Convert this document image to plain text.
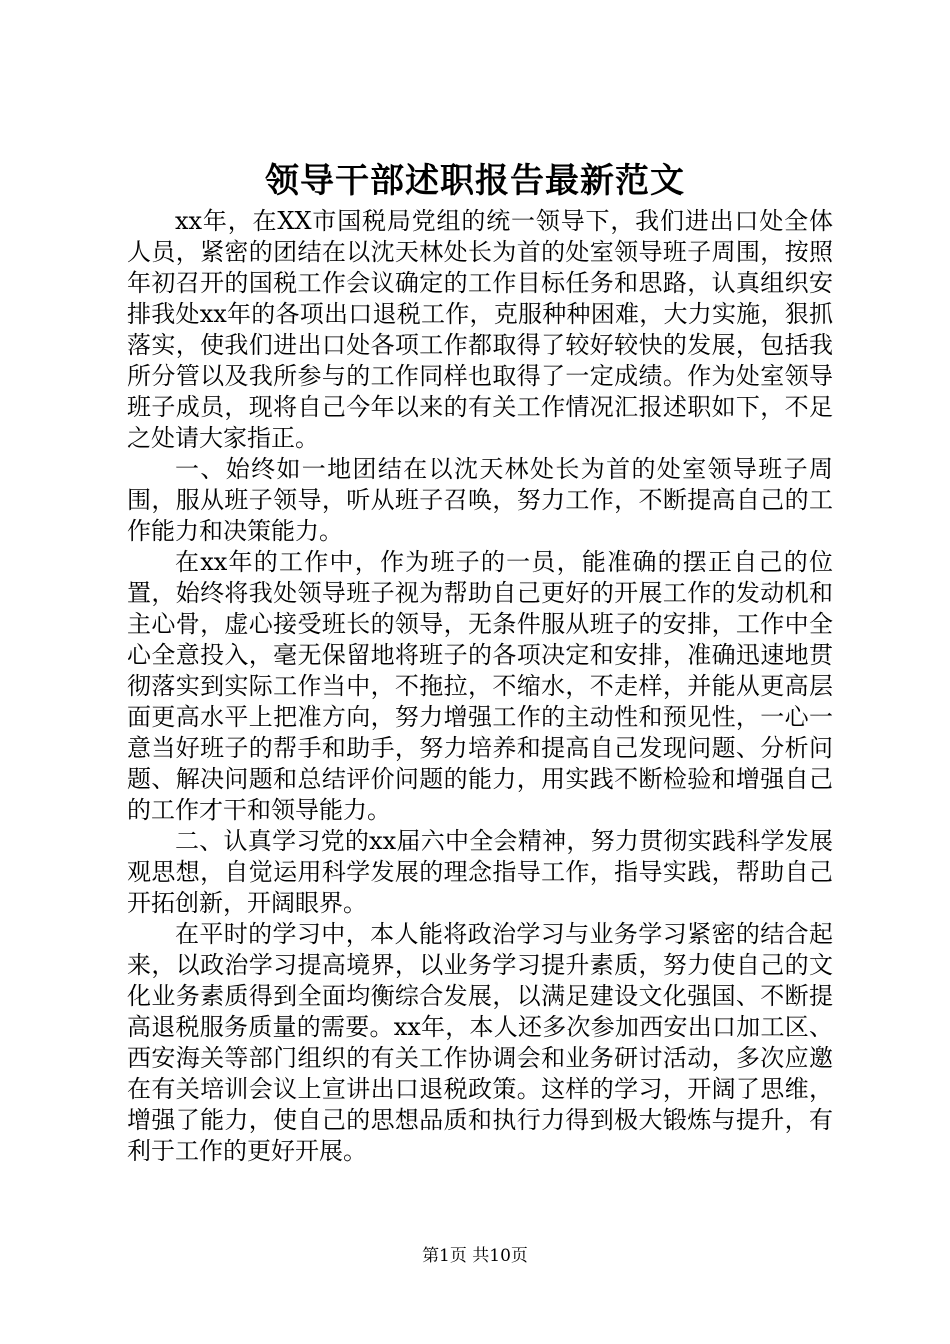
领导干部述职报告最新范文

xx年，在XX市国税局党组的统一领导下，我们进出口处全体人员，紧密的团结在以沈天林处长为首的处室领导班子周围，按照年初召开的国税工作会议确定的工作目标任务和思路，认真组织安排我处xx年的各项出口退税工作，克服种种困难，大力实施，狠抓落实，使我们进出口处各项工作都取得了较好较快的发展，包括我所分管以及我所参与的工作同样也取得了一定成绩。作为处室领导班子成员，现将自己今年以来的有关工作情况汇报述职如下，不足之处请大家指正。

一、始终如一地团结在以沈天林处长为首的处室领导班子周围，服从班子领导，听从班子召唤，努力工作，不断提高自己的工作能力和决策能力。

在xx年的工作中，作为班子的一员，能准确的摆正自己的位置，始终将我处领导班子视为帮助自己更好的开展工作的发动机和主心骨，虚心接受班长的领导，无条件服从班子的安排，工作中全心全意投入，毫无保留地将班子的各项决定和安排，准确迅速地贯彻落实到实际工作当中，不拖拉，不缩水，不走样，并能从更高层面更高水平上把准方向，努力增强工作的主动性和预见性，一心一意当好班子的帮手和助手，努力培养和提高自己发现问题、分析问题、解决问题和总结评价问题的能力，用实践不断检验和增强自己的工作才干和领导能力。

二、认真学习党的xx届六中全会精神，努力贯彻实践科学发展观思想，自觉运用科学发展的理念指导工作，指导实践，帮助自己开拓创新，开阔眼界。

在平时的学习中，本人能将政治学习与业务学习紧密的结合起来，以政治学习提高境界，以业务学习提升素质，努力使自己的文化业务素质得到全面均衡综合发展，以满足建设文化强国、不断提高退税服务质量的需要。xx年，本人还多次参加西安出口加工区、西安海关等部门组织的有关工作协调会和业务研讨活动，多次应邀在有关培训会议上宣讲出口退税政策。这样的学习，开阔了思维，增强了能力，使自己的思想品质和执行力得到极大锻炼与提升，有利于工作的更好开展。

第1页 共10页
